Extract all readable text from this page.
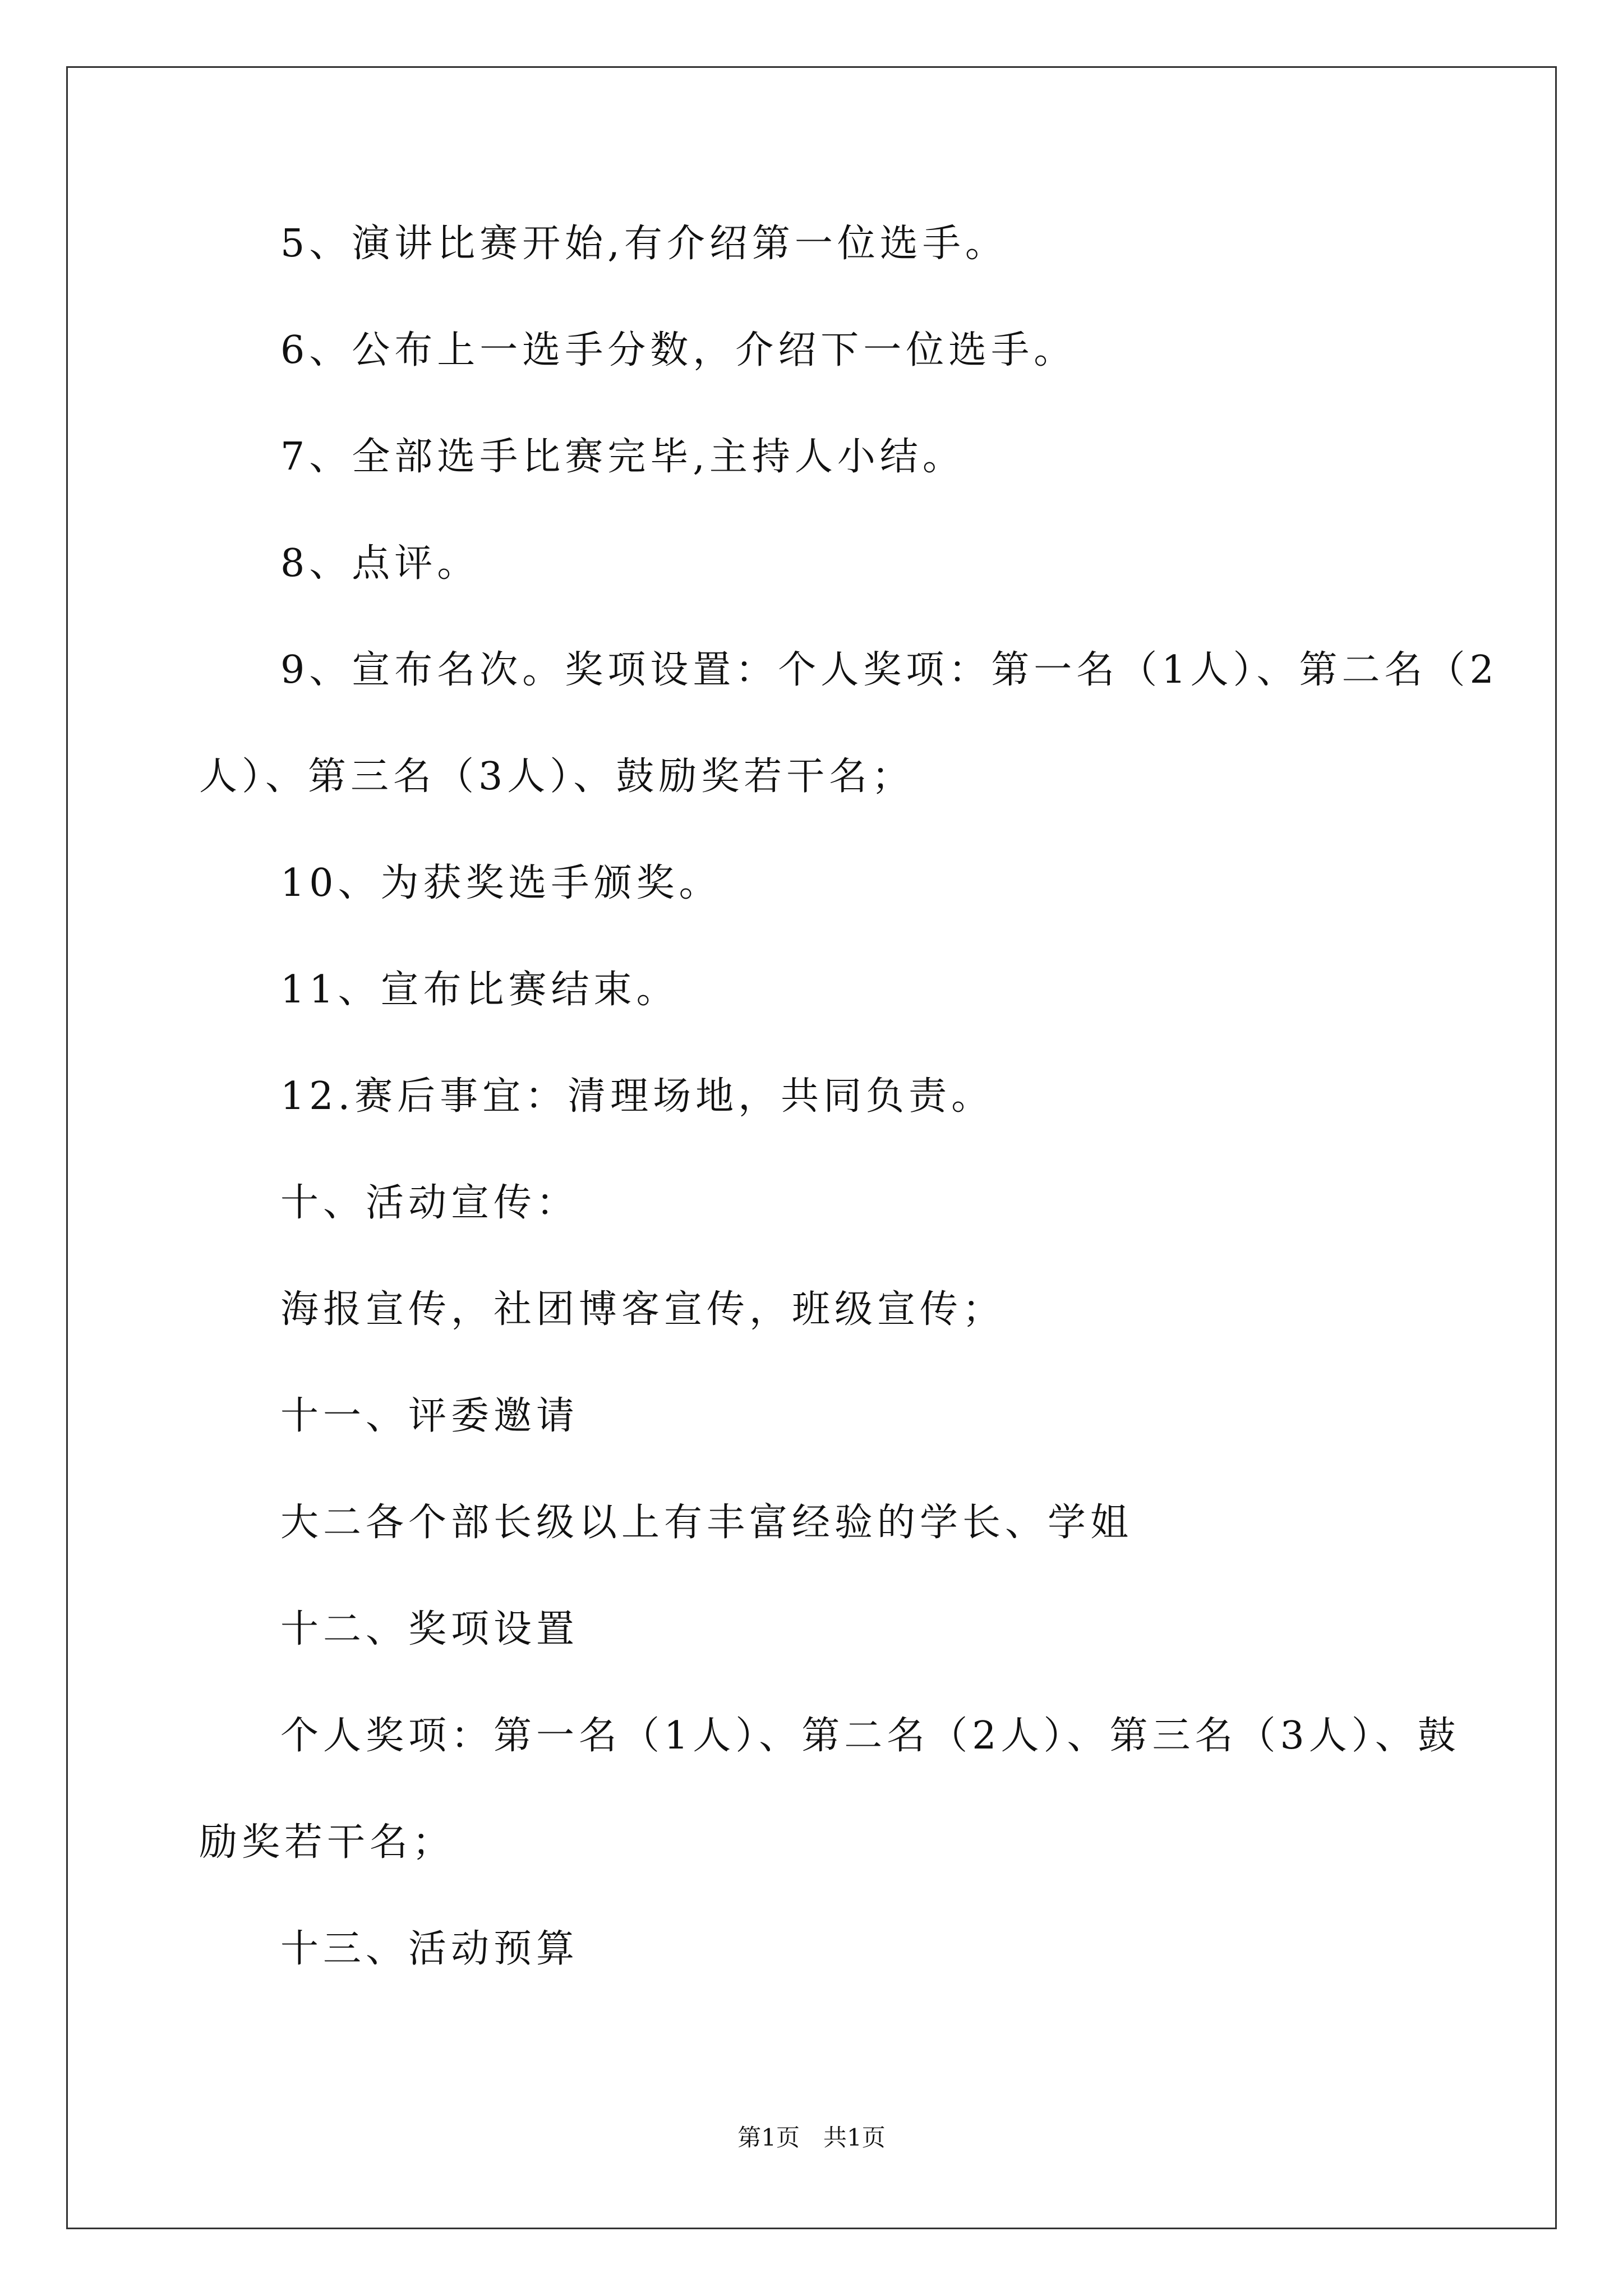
5、演讲比赛开始,有介绍第一位选手。

6、公布上一选手分数，介绍下一位选手。

7、全部选手比赛完毕,主持人小结。

8、点评。

9、宣布名次。奖项设置：个人奖项：第一名（1人）、第二名（2

人）、第三名（3人）、鼓励奖若干名；

10、为获奖选手颁奖。

11、宣布比赛结束。

12.赛后事宜：清理场地，共同负责。

十、活动宣传：

海报宣传，社团博客宣传，班级宣传；

十一、评委邀请

大二各个部长级以上有丰富经验的学长、学姐

十二、奖项设置

个人奖项：第一名（1人）、第二名（2人）、第三名（3人）、鼓

励奖若干名；

十三、活动预算

第1页　共1页
